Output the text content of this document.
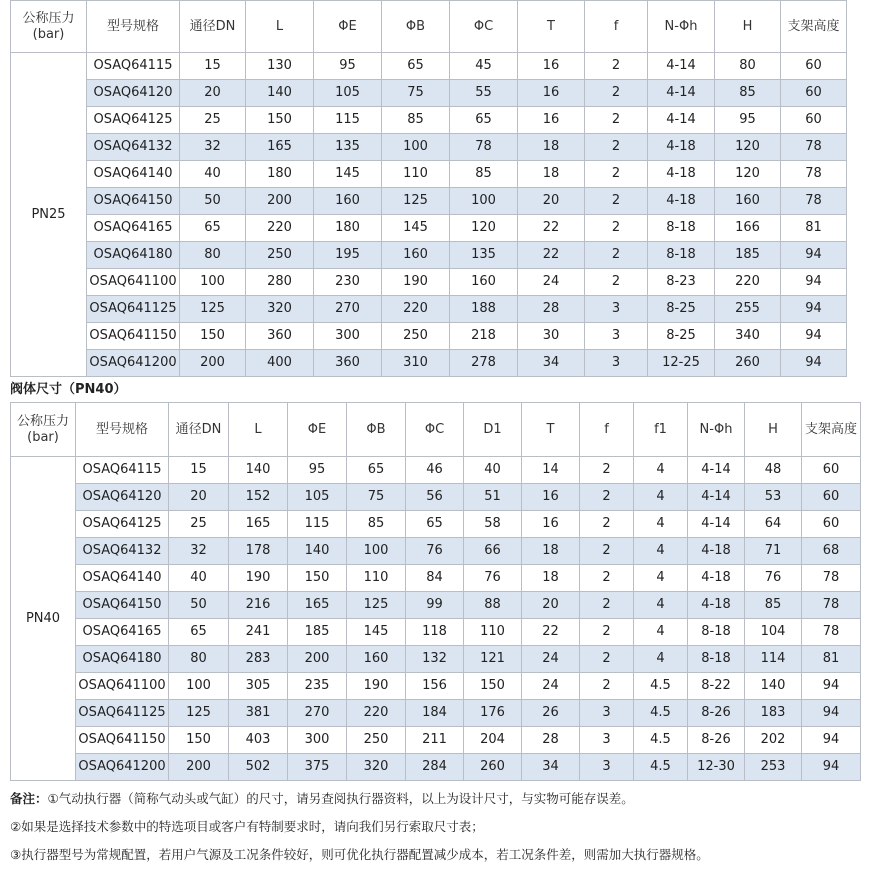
公称压力(bar)	型号规格	通径DN	L	ΦE	ΦB	ΦC	T	f	N-Φh	H	支架高度
PN25	OSAQ64115	15	130	95	65	45	16	2	4-14	80	60
	OSAQ64120	20	140	105	75	55	16	2	4-14	85	60
	OSAQ64125	25	150	115	85	65	16	2	4-14	95	60
	OSAQ64132	32	165	135	100	78	18	2	4-18	120	78
	OSAQ64140	40	180	145	110	85	18	2	4-18	120	78
	OSAQ64150	50	200	160	125	100	20	2	4-18	160	78
	OSAQ64165	65	220	180	145	120	22	2	8-18	166	81
	OSAQ64180	80	250	195	160	135	22	2	8-18	185	94
	OSAQ641100	100	280	230	190	160	24	2	8-23	220	94
	OSAQ641125	125	320	270	220	188	28	3	8-25	255	94
	OSAQ641150	150	360	300	250	218	30	3	8-25	340	94
	OSAQ641200	200	400	360	310	278	34	3	12-25	260	94
阀体尺寸（PN40）
公称压力(bar)	型号规格	通径DN	L	ΦE	ΦB	ΦC	D1	T	f	f1	N-Φh	H	支架高度
PN40	OSAQ64115	15	140	95	65	46	40	14	2	4	4-14	48	60
	OSAQ64120	20	152	105	75	56	51	16	2	4	4-14	53	60
	OSAQ64125	25	165	115	85	65	58	16	2	4	4-14	64	60
	OSAQ64132	32	178	140	100	76	66	18	2	4	4-18	71	68
	OSAQ64140	40	190	150	110	84	76	18	2	4	4-18	76	78
	OSAQ64150	50	216	165	125	99	88	20	2	4	4-18	85	78
	OSAQ64165	65	241	185	145	118	110	22	2	4	8-18	104	78
	OSAQ64180	80	283	200	160	132	121	24	2	4	8-18	114	81
	OSAQ641100	100	305	235	190	156	150	24	2	4.5	8-22	140	94
	OSAQ641125	125	381	270	220	184	176	26	3	4.5	8-26	183	94
	OSAQ641150	150	403	300	250	211	204	28	3	4.5	8-26	202	94
	OSAQ641200	200	502	375	320	284	260	34	3	4.5	12-30	253	94

备注：①气动执行器（简称气动头或气缸）的尺寸，请另查阅执行器资料，以上为设计尺寸，与实物可能存误差。

②如果是选择技术参数中的特选项目或客户有特制要求时，请向我们另行索取尺寸表；

③执行器型号为常规配置，若用户气源及工况条件较好，则可优化执行器配置减少成本，若工况条件差，则需加大执行器规格。
